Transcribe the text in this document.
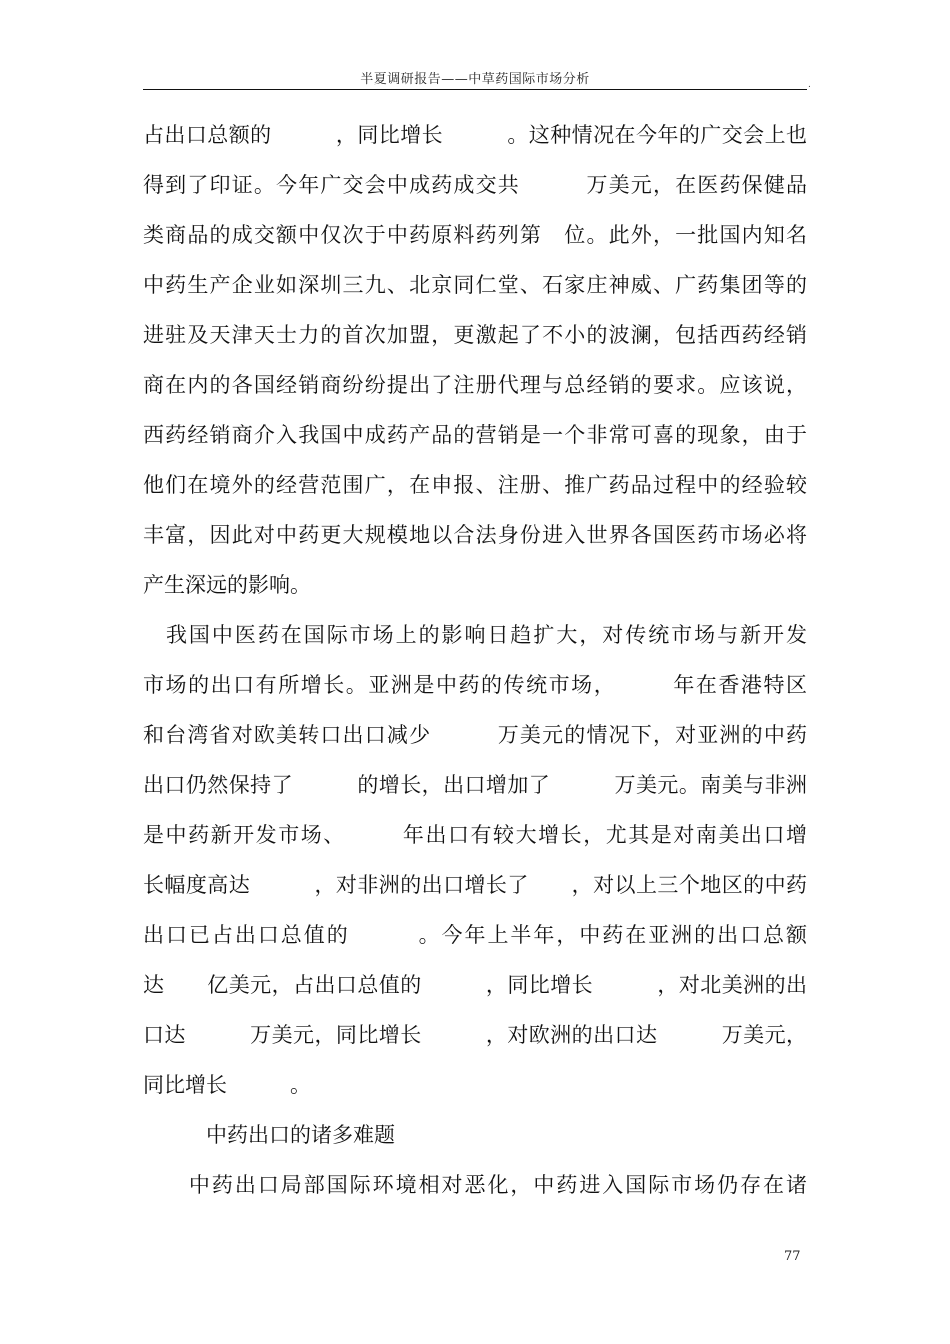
半夏调研报告——中草药国际市场分析	.
占出口总额的　　　，同比增长　　　。这种情况在今年的广交会上也
得到了印证。今年广交会中成药成交共　　　万美元，在医药保健品
类商品的成交额中仅次于中药原料药列第　位。此外，一批国内知名
中药生产企业如深圳三九、北京同仁堂、石家庄神威、广药集团等的
进驻及天津天士力的首次加盟，更激起了不小的波澜，包括西药经销
商在内的各国经销商纷纷提出了注册代理与总经销的要求。应该说，
西药经销商介入我国中成药产品的营销是一个非常可喜的现象，由于
他们在境外的经营范围广，在申报、注册、推广药品过程中的经验较
丰富，因此对中药更大规模地以合法身份进入世界各国医药市场必将
产生深远的影响。
　我国中医药在国际市场上的影响日趋扩大，对传统市场与新开发
市场的出口有所增长。亚洲是中药的传统市场，　　　年在香港特区
和台湾省对欧美转口出口减少　　　万美元的情况下，对亚洲的中药
出口仍然保持了　　　的增长，出口增加了　　　万美元。南美与非洲
是中药新开发市场、　　　年出口有较大增长，尤其是对南美出口增
长幅度高达　　　，对非洲的出口增长了　　，对以上三个地区的中药
出口已占出口总值的　　　。今年上半年，中药在亚洲的出口总额
达　　亿美元，占出口总值的　　　，同比增长　　　，对北美洲的出
口达　　　万美元，同比增长　　　，对欧洲的出口达　　　万美元，
同比增长　　　。
　　　中药出口的诸多难题
　　中药出口局部国际环境相对恶化，中药进入国际市场仍存在诸
77
